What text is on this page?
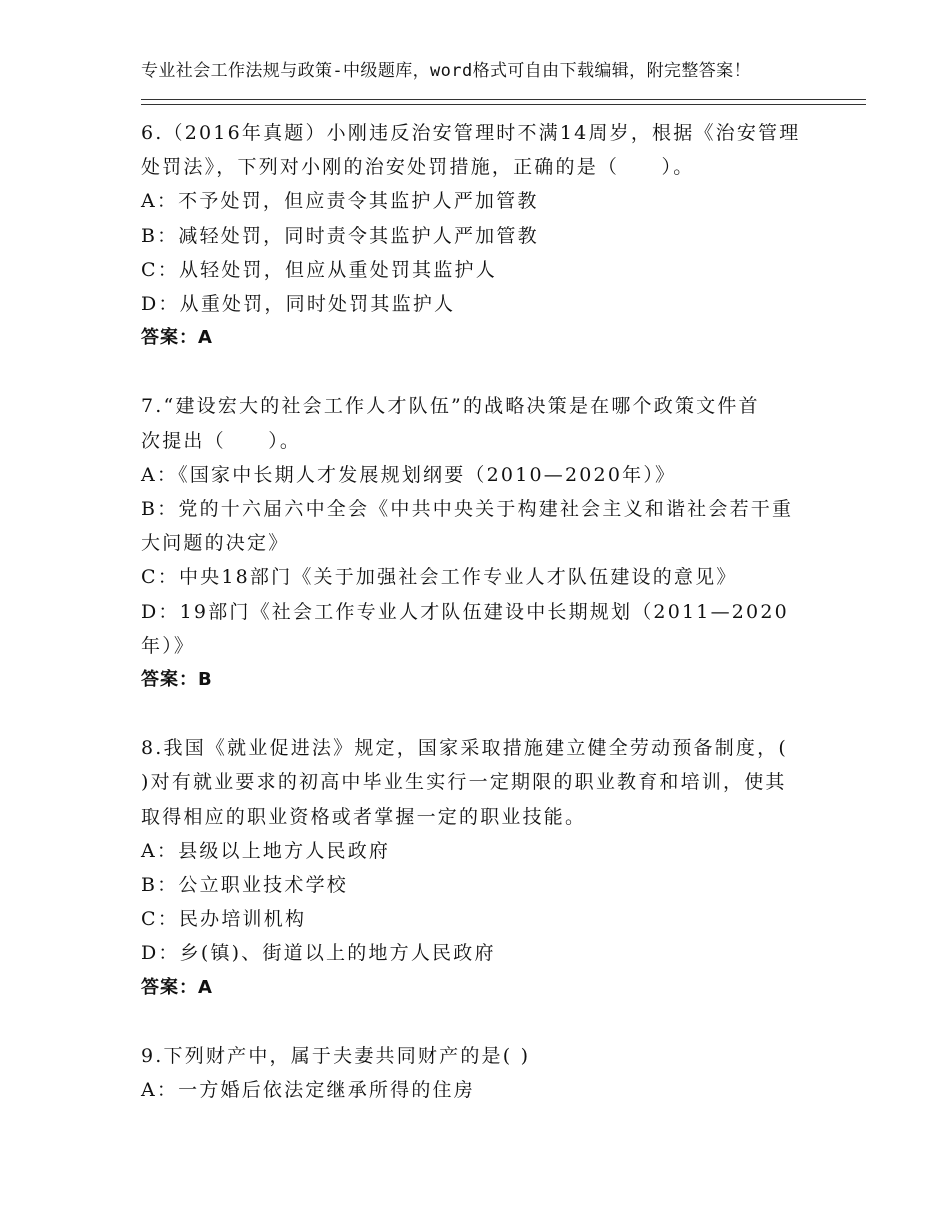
专业社会工作法规与政策-中级题库，word格式可自由下载编辑，附完整答案！
6.（2016年真题）小刚违反治安管理时不满14周岁，根据《治安管理
处罚法》，下列对小刚的治安处罚措施，正确的是（　　）。
A：不予处罚，但应责令其监护人严加管教
B：减轻处罚，同时责令其监护人严加管教
C：从轻处罚，但应从重处罚其监护人
D：从重处罚，同时处罚其监护人
答案：A
7.“建设宏大的社会工作人才队伍”的战略决策是在哪个政策文件首
次提出（　　）。
A：《国家中长期人才发展规划纲要（2010—2020年）》
B：党的十六届六中全会《中共中央关于构建社会主义和谐社会若干重
大问题的决定》
C：中央18部门《关于加强社会工作专业人才队伍建设的意见》
D：19部门《社会工作专业人才队伍建设中长期规划（2011—2020
年）》
答案：B
8.我国《就业促进法》规定，国家采取措施建立健全劳动预备制度，(
)对有就业要求的初高中毕业生实行一定期限的职业教育和培训，使其
取得相应的职业资格或者掌握一定的职业技能。
A：县级以上地方人民政府
B：公立职业技术学校
C：民办培训机构
D：乡(镇)、街道以上的地方人民政府
答案：A
9.下列财产中，属于夫妻共同财产的是( )
A：一方婚后依法定继承所得的住房
